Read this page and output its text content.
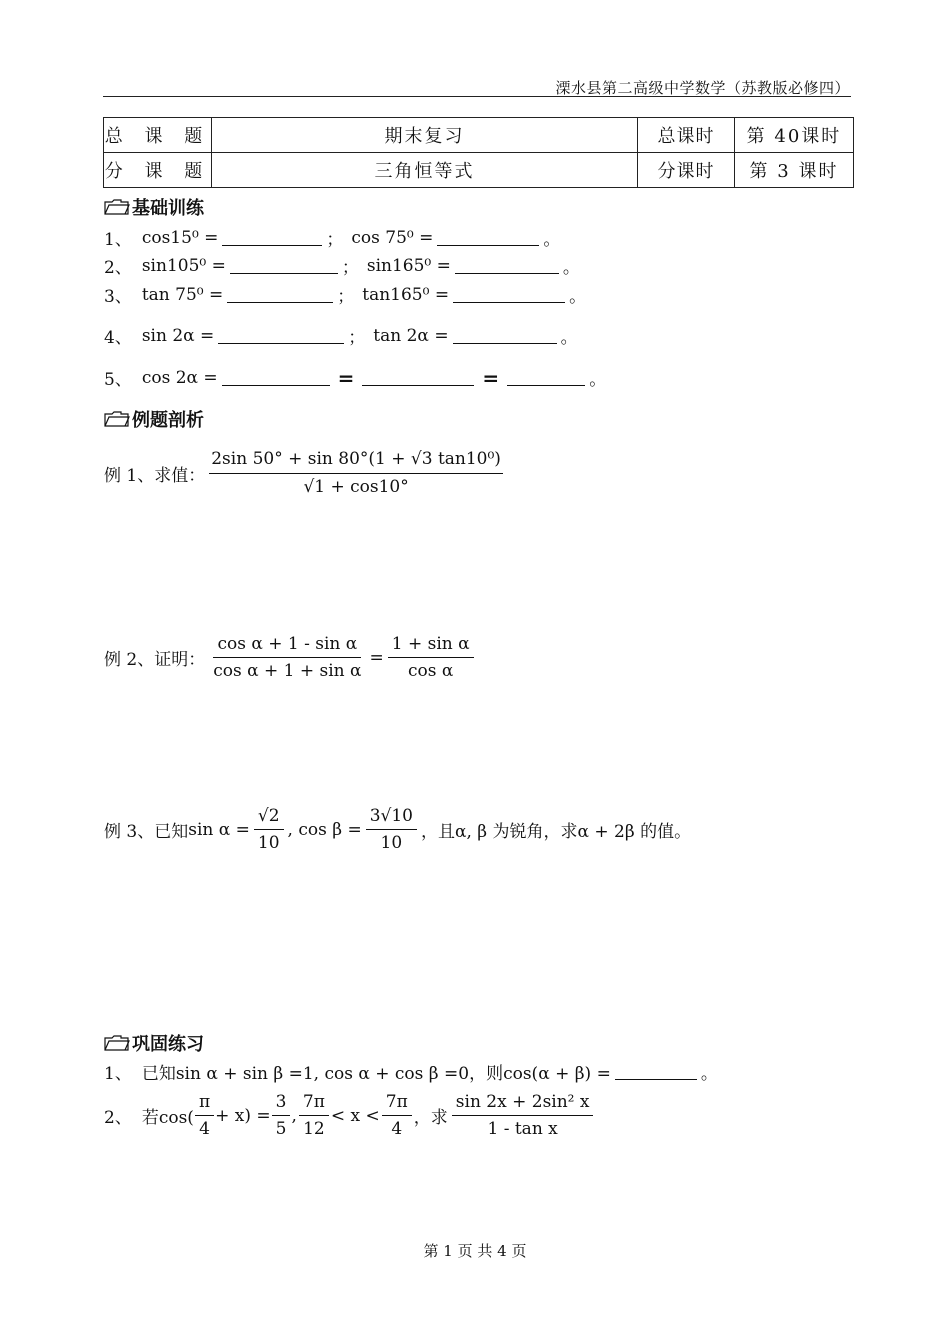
溧水县第二高级中学数学（苏教版必修四）
总 课 题	期末复习	总课时	第 40课时
分 课 题	三角恒等式	分课时	第 3 课时
基础训练
1、 cos15⁰ =	； cos 75⁰ =	。
2、 sin105⁰ =	； sin165⁰ =	。
3、 tan 75⁰ =	； tan165⁰ =	。
4、 sin 2α =	； tan 2α =	。
5、 cos 2α =	=	=	。
例题剖析
例 1、求值： $\frac{\text{2sin 50° + sin 80°(1 + √3 tan10⁰)}}{√1 + \cos 10^\circ}$
例 2、证明： $\frac{\text{cos α + 1 - sin α}}{\text{cos α + 1 + sin α}} = \frac{\text{1 + sin α}}{\text{cos α}}$
例 3、已知 $\sin \alpha = \frac{√2}{10}$ , $\cos \beta = \frac{3√10}{10}$ ，且α, β 为锐角，求α + 2β 的值。
巩固练习
1、 已知sin α + sin β =1, cos α + cos β =0，则cos(α + β) =	。
2、 若$\cos( \frac{\pi}{4} + x) = \frac{3}{5}$ , $\frac{7\pi}{12} < x < \frac{7\pi}{4}$ ，求 $\frac{\text{sin 2x + 2sin² x}}{\text{1 - tan x}}$
第 1 页 共 4 页
